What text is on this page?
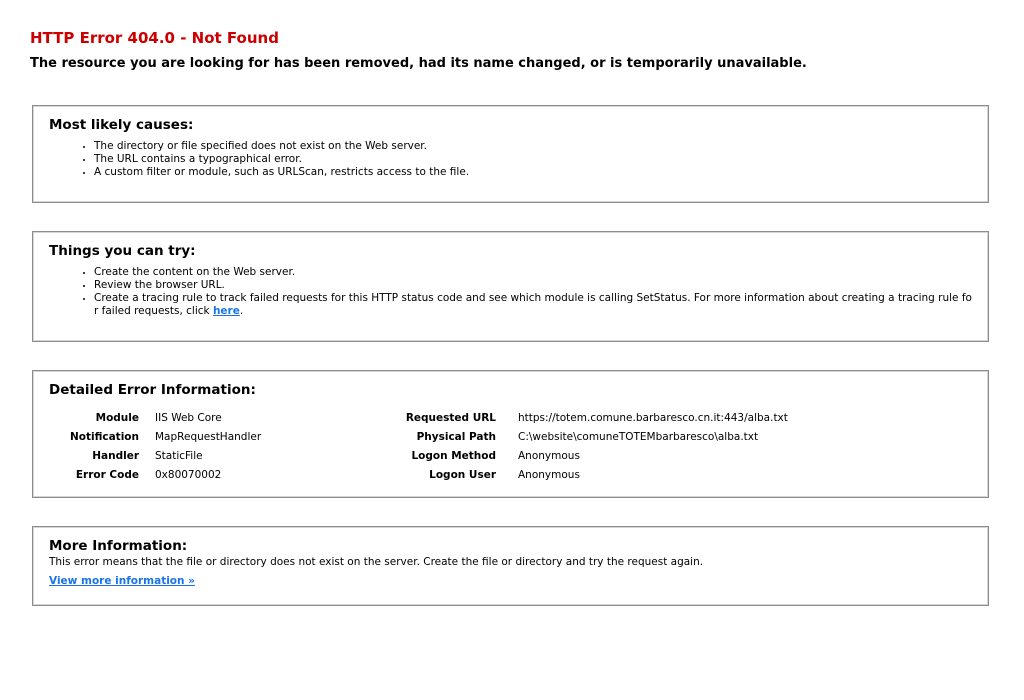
HTTP Error 404.0 - Not Found
The resource you are looking for has been removed, had its name changed, or is temporarily unavailable.
Most likely causes:
• The directory or file specified does not exist on the Web server.
• The URL contains a typographical error.
• A custom filter or module, such as URLScan, restricts access to the file.
Things you can try:
• Create the content on the Web server.
• Review the browser URL.
• Create a tracing rule to track failed requests for this HTTP status code and see which module is calling SetStatus. For more information about creating a tracing rule for failed requests, click here.
Detailed Error Information:
Module IIS Web Core
Notification MapRequestHandler
Handler StaticFile
Error Code 0x80070002
Requested URL https://totem.comune.barbaresco.cn.it:443/alba.txt
Physical Path C:\website\comuneTOTEMbarbaresco\alba.txt
Logon Method Anonymous
Logon User Anonymous
More Information:

This error means that the file or directory does not exist on the server. Create the file or directory and try the request again.

View more information »
